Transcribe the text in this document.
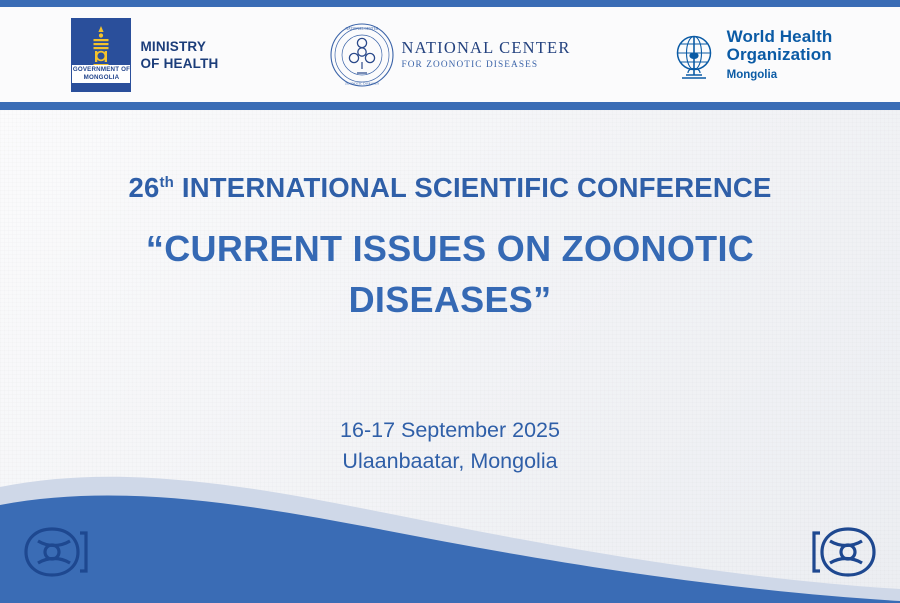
GOVERNMENT OF
MONGOLIA
MINISTRY
OF HEALTH
NATIONAL CENTER
ZOONOTIC DISEASES
NATIONAL CENTER
FOR ZOONOTIC DISEASES
World Health
Organization
Mongolia
26th INTERNATIONAL SCIENTIFIC CONFERENCE
“CURRENT ISSUES ON ZOONOTIC DISEASES”
16-17 September 2025
Ulaanbaatar, Mongolia
